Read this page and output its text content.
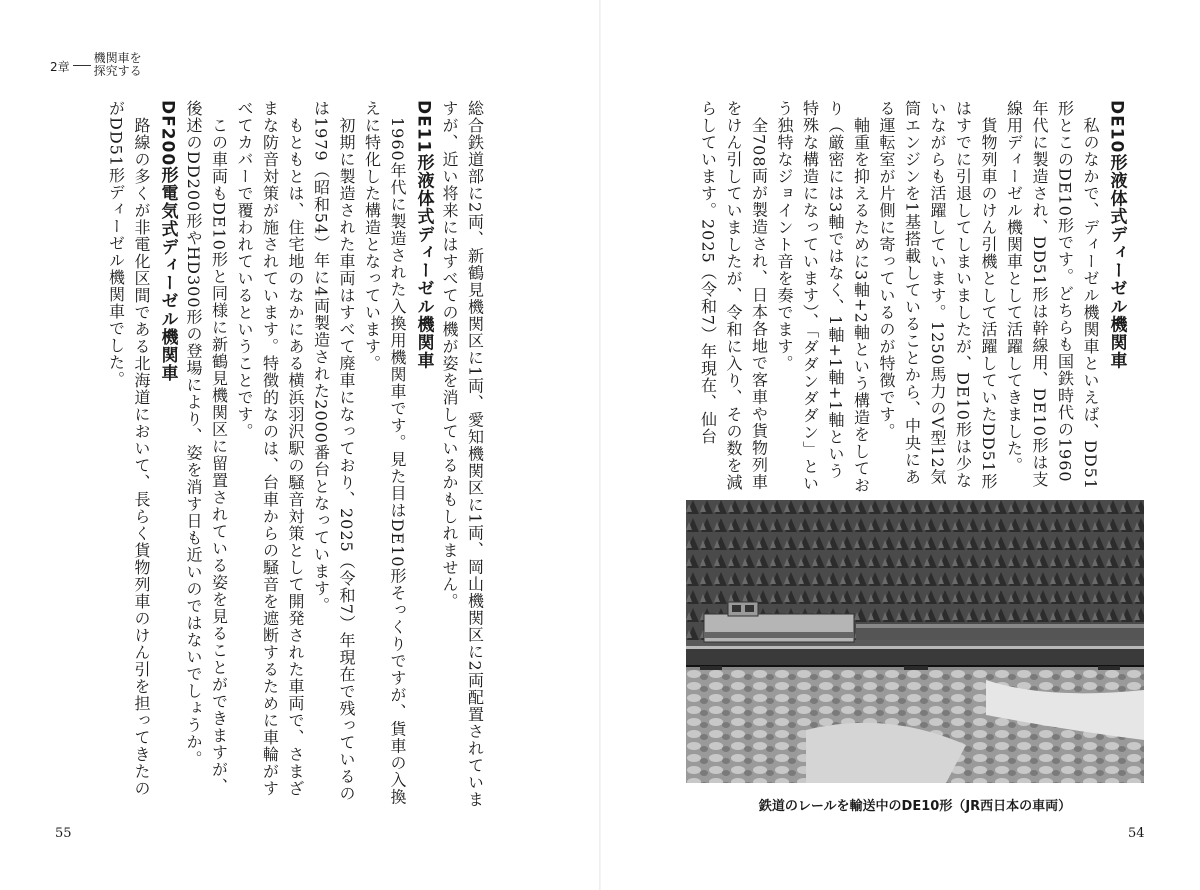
2章
機関車を
探究する

DE10形液体式ディーゼル機関車
　私のなかで、ディーゼル機関車といえば、DD51形とこのDE10形です。どちらも国鉄時代の1960年代に製造され、DD51形は幹線用、DE10形は支線用ディーゼル機関車として活躍してきました。
　貨物列車のけん引機として活躍していたDD51形はすでに引退してしまいましたが、DE10形は少ないながらも活躍しています。1250馬力のV型12気筒エンジンを1基搭載していることから、中央にある運転室が片側に寄っているのが特徴です。
　軸重を抑えるために3軸+2軸という構造をしており（厳密には3軸ではなく、1軸+1軸+1軸という特殊な構造になっています）、「ダダンダダン」という独特なジョイント音を奏でます。
　全708両が製造され、日本各地で客車や貨物列車をけん引していましたが、令和に入り、その数を減らしています。2025（令和7）年現在、仙台

鉄道のレールを輸送中のDE10形（JR西日本の車両）

総合鉄道部に2両、新鶴見機関区に1両、愛知機関区に1両、岡山機関区に2両配置されていますが、近い将来にはすべての機が姿を消しているかもしれません。
DE11形液体式ディーゼル機関車
　1960年代に製造された入換用機関車です。見た目はDE10形そっくりですが、貨車の入換えに特化した構造となっています。
　初期に製造された車両はすべて廃車になっており、2025（令和7）年現在で残っているのは1979（昭和54）年に4両製造された2000番台となっています。
　もともとは、住宅地のなかにある横浜羽沢駅の騒音対策として開発された車両で、さまざまな防音対策が施されています。特徴的なのは、台車からの騒音を遮断するために車輪がすべてカバーで覆われているということです。
　この車両もDE10形と同様に新鶴見機関区に留置されている姿を見ることができますが、後述のDD200形やHD300形の登場により、姿を消す日も近いのではないでしょうか。
DF200形電気式ディーゼル機関車
　路線の多くが非電化区間である北海道において、長らく貨物列車のけん引を担ってきたのがDD51形ディーゼル機関車でした。

55	54
